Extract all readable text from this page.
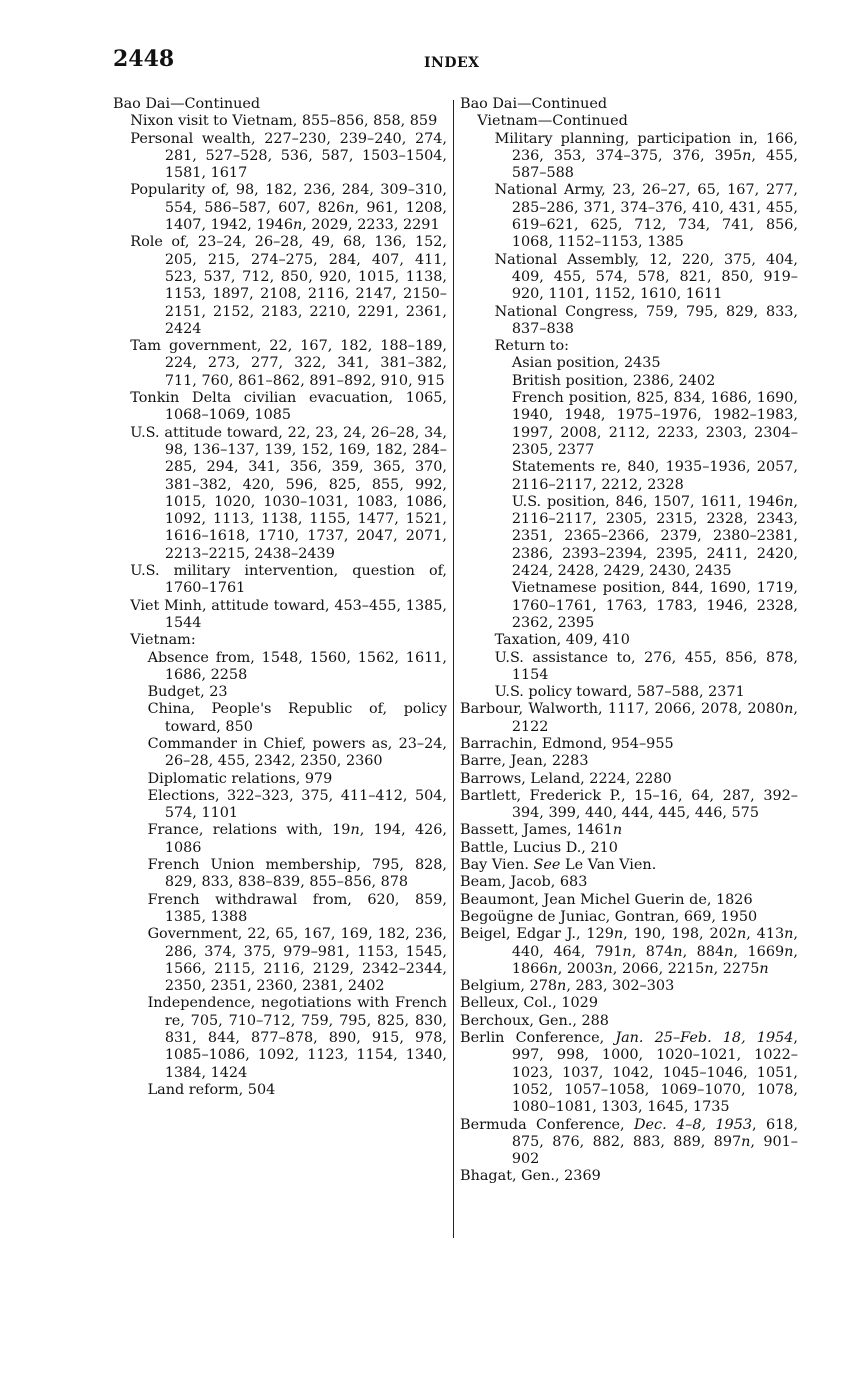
2448	INDEX
Bao Dai—Continued
Nixon visit to Vietnam, 855–856, 858, 859
Personal wealth, 227–230, 239–240, 274, 281, 527–528, 536, 587, 1503–1504, 1581, 1617
Popularity of, 98, 182, 236, 284, 309–310, 554, 586–587, 607, 826n, 961, 1208, 1407, 1942, 1946n, 2029, 2233, 2291
Role of, 23–24, 26–28, 49, 68, 136, 152, 205, 215, 274–275, 284, 407, 411, 523, 537, 712, 850, 920, 1015, 1138, 1153, 1897, 2108, 2116, 2147, 2150–2151, 2152, 2183, 2210, 2291, 2361, 2424
Tam government, 22, 167, 182, 188–189, 224, 273, 277, 322, 341, 381–382, 711, 760, 861–862, 891–892, 910, 915
Tonkin Delta civilian evacuation, 1065, 1068–1069, 1085
U.S. attitude toward, 22, 23, 24, 26–28, 34, 98, 136–137, 139, 152, 169, 182, 284–285, 294, 341, 356, 359, 365, 370, 381–382, 420, 596, 825, 855, 992, 1015, 1020, 1030–1031, 1083, 1086, 1092, 1113, 1138, 1155, 1477, 1521, 1616–1618, 1710, 1737, 2047, 2071, 2213–2215, 2438–2439
U.S. military intervention, question of, 1760–1761
Viet Minh, attitude toward, 453–455, 1385, 1544
Vietnam:
Absence from, 1548, 1560, 1562, 1611, 1686, 2258
Budget, 23
China, People's Republic of, policy toward, 850
Commander in Chief, powers as, 23–24, 26–28, 455, 2342, 2350, 2360
Diplomatic relations, 979
Elections, 322–323, 375, 411–412, 504, 574, 1101
France, relations with, 19n, 194, 426, 1086
French Union membership, 795, 828, 829, 833, 838–839, 855–856, 878
French withdrawal from, 620, 859, 1385, 1388
Government, 22, 65, 167, 169, 182, 236, 286, 374, 375, 979–981, 1153, 1545, 1566, 2115, 2116, 2129, 2342–2344, 2350, 2351, 2360, 2381, 2402
Independence, negotiations with French re, 705, 710–712, 759, 795, 825, 830, 831, 844, 877–878, 890, 915, 978, 1085–1086, 1092, 1123, 1154, 1340, 1384, 1424
Land reform, 504
Bao Dai—Continued
Vietnam—Continued
Military planning, participation in, 166, 236, 353, 374–375, 376, 395n, 455, 587–588
National Army, 23, 26–27, 65, 167, 277, 285–286, 371, 374–376, 410, 431, 455, 619–621, 625, 712, 734, 741, 856, 1068, 1152–1153, 1385
National Assembly, 12, 220, 375, 404, 409, 455, 574, 578, 821, 850, 919–920, 1101, 1152, 1610, 1611
National Congress, 759, 795, 829, 833, 837–838
Return to:
Asian position, 2435
British position, 2386, 2402
French position, 825, 834, 1686, 1690, 1940, 1948, 1975–1976, 1982–1983, 1997, 2008, 2112, 2233, 2303, 2304–2305, 2377
Statements re, 840, 1935–1936, 2057, 2116–2117, 2212, 2328
U.S. position, 846, 1507, 1611, 1946n, 2116–2117, 2305, 2315, 2328, 2343, 2351, 2365–2366, 2379, 2380–2381, 2386, 2393–2394, 2395, 2411, 2420, 2424, 2428, 2429, 2430, 2435
Vietnamese position, 844, 1690, 1719, 1760–1761, 1763, 1783, 1946, 2328, 2362, 2395
Taxation, 409, 410
U.S. assistance to, 276, 455, 856, 878, 1154
U.S. policy toward, 587–588, 2371
Barbour, Walworth, 1117, 2066, 2078, 2080n, 2122
Barrachin, Edmond, 954–955
Barre, Jean, 2283
Barrows, Leland, 2224, 2280
Bartlett, Frederick P., 15–16, 64, 287, 392–394, 399, 440, 444, 445, 446, 575
Bassett, James, 1461n
Battle, Lucius D., 210
Bay Vien. See Le Van Vien.
Beam, Jacob, 683
Beaumont, Jean Michel Guerin de, 1826
Begoügne de Juniac, Gontran, 669, 1950
Beigel, Edgar J., 129n, 190, 198, 202n, 413n, 440, 464, 791n, 874n, 884n, 1669n, 1866n, 2003n, 2066, 2215n, 2275n
Belgium, 278n, 283, 302–303
Belleux, Col., 1029
Berchoux, Gen., 288
Berlin Conference, Jan. 25–Feb. 18, 1954, 997, 998, 1000, 1020–1021, 1022–1023, 1037, 1042, 1045–1046, 1051, 1052, 1057–1058, 1069–1070, 1078, 1080–1081, 1303, 1645, 1735
Bermuda Conference, Dec. 4–8, 1953, 618, 875, 876, 882, 883, 889, 897n, 901–902
Bhagat, Gen., 2369
